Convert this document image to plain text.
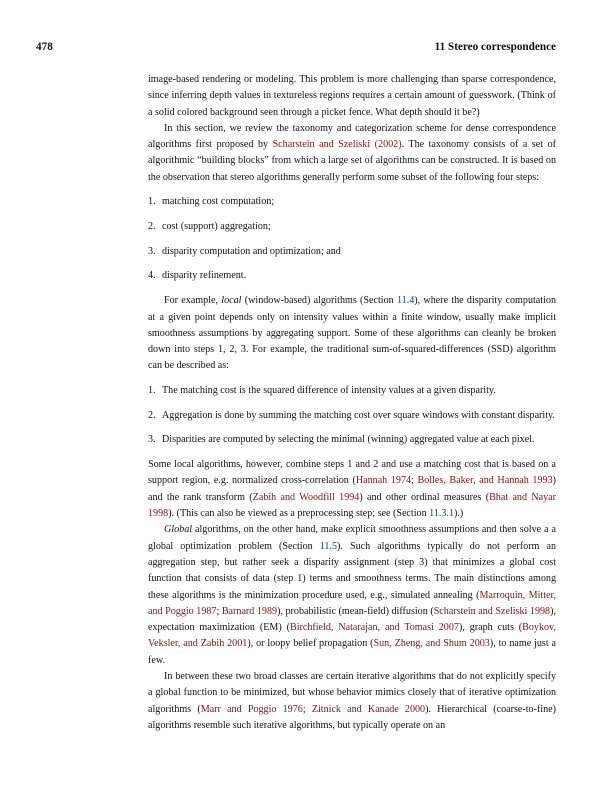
478	11 Stereo correspondence

image-based rendering or modeling. This problem is more challenging than sparse correspondence, since inferring depth values in textureless regions requires a certain amount of guesswork. (Think of a solid colored background seen through a picket fence. What depth should it be?)

In this section, we review the taxonomy and categorization scheme for dense correspondence algorithms first proposed by Scharstein and Szeliski (2002). The taxonomy consists of a set of algorithmic “building blocks” from which a large set of algorithms can be constructed. It is based on the observation that stereo algorithms generally perform some subset of the following four steps:

1. matching cost computation;
2. cost (support) aggregation;
3. disparity computation and optimization; and
4. disparity refinement.

For example, local (window-based) algorithms (Section 11.4), where the disparity computation at a given point depends only on intensity values within a finite window, usually make implicit smoothness assumptions by aggregating support. Some of these algorithms can cleanly be broken down into steps 1, 2, 3. For example, the traditional sum-of-squared-differences (SSD) algorithm can be described as:

1. The matching cost is the squared difference of intensity values at a given disparity.
2. Aggregation is done by summing the matching cost over square windows with constant disparity.
3. Disparities are computed by selecting the minimal (winning) aggregated value at each pixel.

Some local algorithms, however, combine steps 1 and 2 and use a matching cost that is based on a support region, e.g. normalized cross-correlation (Hannah 1974; Bolles, Baker, and Hannah 1993) and the rank transform (Zabih and Woodfill 1994) and other ordinal measures (Bhat and Nayar 1998). (This can also be viewed as a preprocessing step; see (Section 11.3.1).)

Global algorithms, on the other hand, make explicit smoothness assumptions and then solve a a global optimization problem (Section 11.5). Such algorithms typically do not perform an aggregation step, but rather seek a disparity assignment (step 3) that minimizes a global cost function that consists of data (step 1) terms and smoothness terms. The main distinctions among these algorithms is the minimization procedure used, e.g., simulated annealing (Marroquin, Mitter, and Poggio 1987; Barnard 1989), probabilistic (mean-field) diffusion (Scharstein and Szeliski 1998), expectation maximization (EM) (Birchfield, Natarajan, and Tomasi 2007), graph cuts (Boykov, Veksler, and Zabih 2001), or loopy belief propagation (Sun, Zheng, and Shum 2003), to name just a few.

In between these two broad classes are certain iterative algorithms that do not explicitly specify a global function to be minimized, but whose behavior mimics closely that of iterative optimization algorithms (Marr and Poggio 1976; Zitnick and Kanade 2000). Hierarchical (coarse-to-fine) algorithms resemble such iterative algorithms, but typically operate on an
